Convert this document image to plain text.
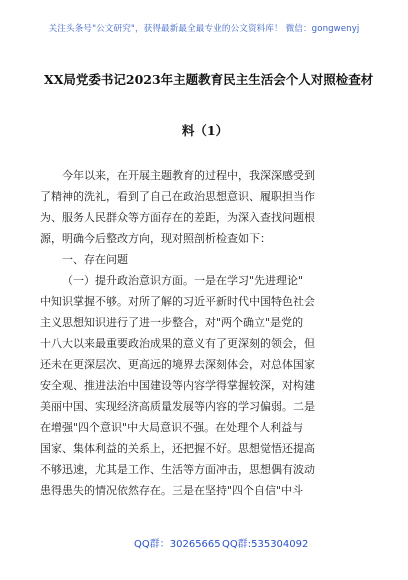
关注头条号"公文研究"，获得最新最全最专业的公文资料库！ 微信：gongwenyj
XX局党委书记2023年主题教育民主生活会个人对照检查材
料（1）
今年以来，在开展主题教育的过程中，我深深感受到
了精神的洗礼，看到了自己在政治思想意识、履职担当作
为、服务人民群众等方面存在的差距，为深入查找问题根
源，明确今后整改方向，现对照剖析检查如下：
一、存在问题
（一）提升政治意识方面。一是在学习"先进理论"
中知识掌握不够。对所了解的习近平新时代中国特色社会
主义思想知识进行了进一步整合，对"两个确立"是党的
十八大以来最重要政治成果的意义有了更深刻的领会，但
还未在更深层次、更高远的境界去深刻体会，对总体国家
安全观、推进法治中国建设等内容学得掌握较深，对构建
美丽中国、实现经济高质量发展等内容的学习偏弱。二是
在增强"四个意识"中大局意识不强。在处理个人利益与
国家、集体利益的关系上，还把握不好。思想觉悟还提高
不够迅速，尤其是工作、生活等方面冲击，思想偶有波动
患得患失的情况依然存在。三是在坚持"四个自信"中斗
QQ群：30265665 QQ群:535304092
